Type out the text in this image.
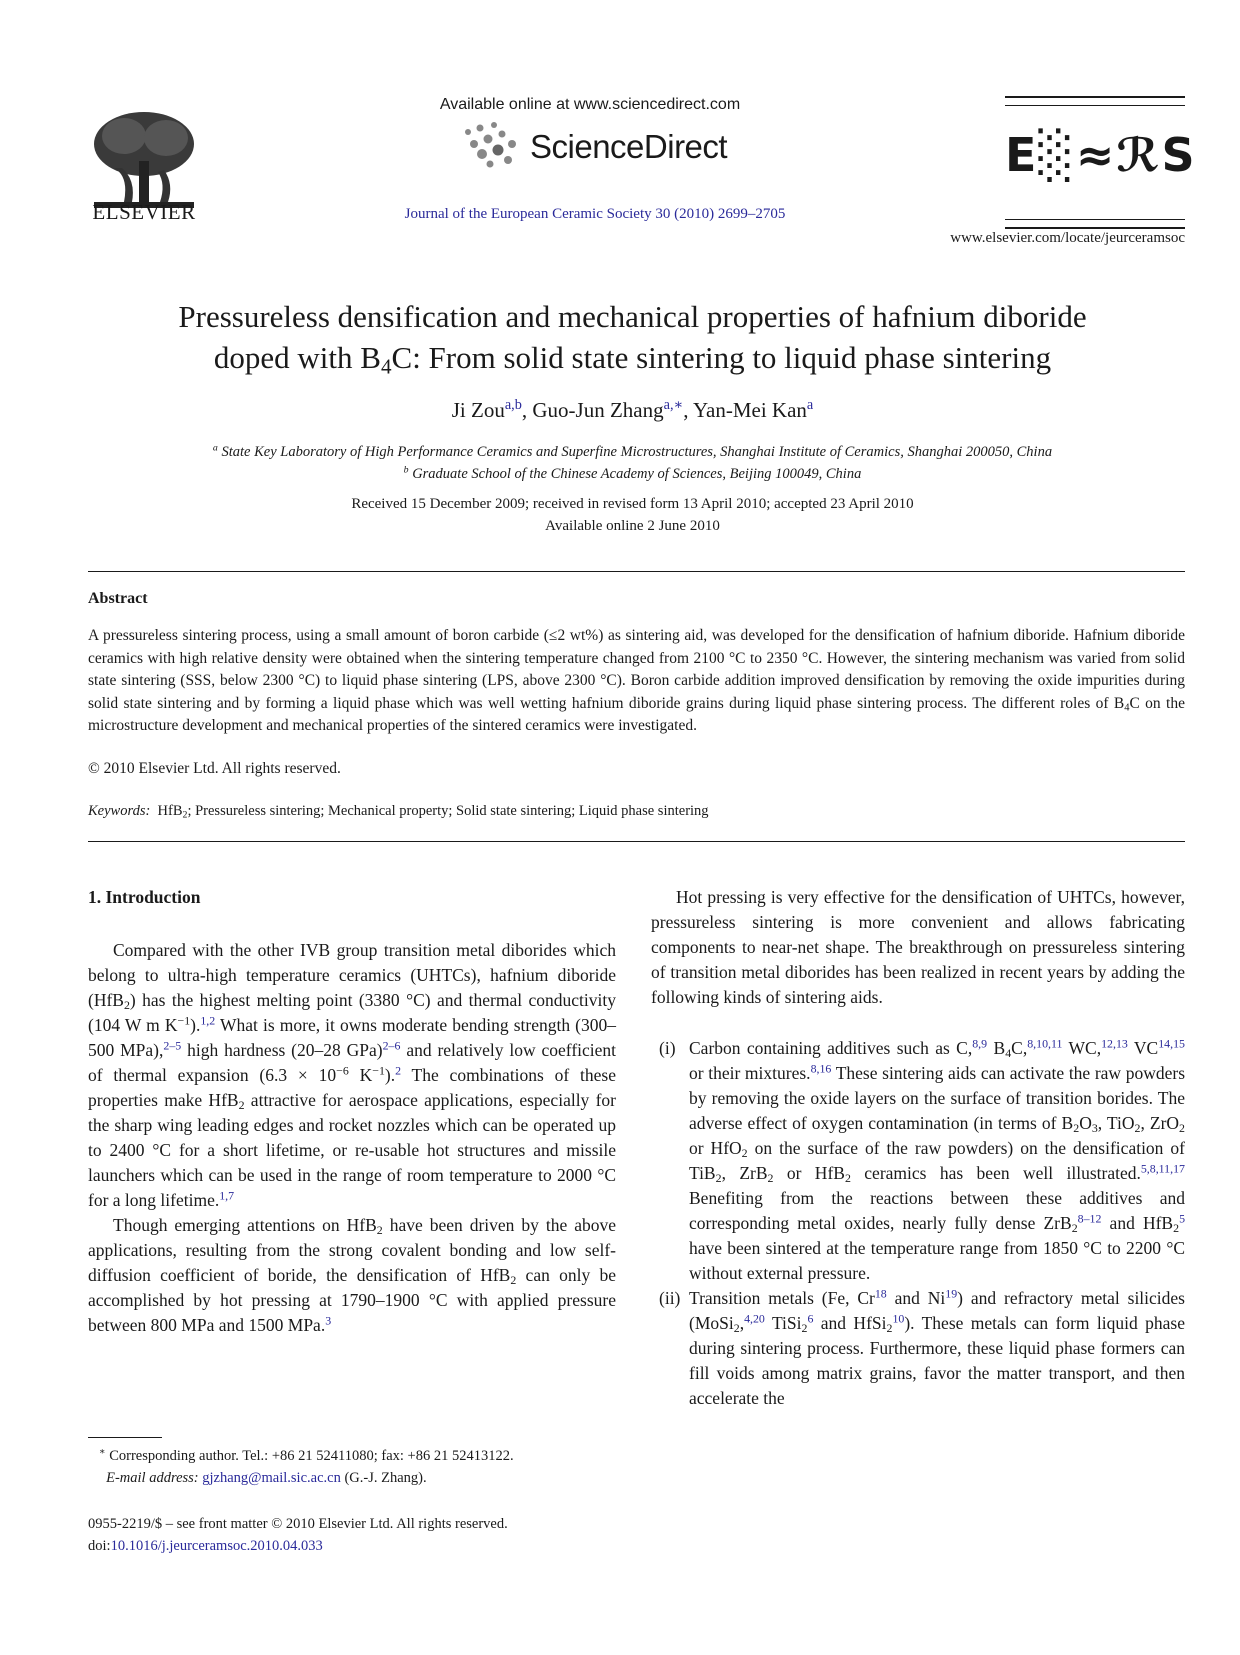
ELSEVIER
Available online at www.sciencedirect.com
ScienceDirect
Journal of the European Ceramic Society 30 (2010) 2699–2705
E░≈ℛS
www.elsevier.com/locate/jeurceramsoc
Pressureless densification and mechanical properties of hafnium diboride
doped with $B_4C$: From solid state sintering to liquid phase sintering
Ji Zou$^{a,b}$, Guo-Jun Zhang$^{a,∗}$, Yan-Mei Kan$^a$
$^a$ State Key Laboratory of High Performance Ceramics and Superfine Microstructures, Shanghai Institute of Ceramics, Shanghai 200050, China
$^b$ Graduate School of the Chinese Academy of Sciences, Beijing 100049, China
Received 15 December 2009; received in revised form 13 April 2010; accepted 23 April 2010
Available online 2 June 2010
Abstract
A pressureless sintering process, using a small amount of boron carbide (≤2 wt%) as sintering aid, was developed for the densification of hafnium diboride. Hafnium diboride ceramics with high relative density were obtained when the sintering temperature changed from 2100 °C to 2350 °C. However, the sintering mechanism was varied from solid state sintering (SSS, below 2300 °C) to liquid phase sintering (LPS, above 2300 °C). Boron carbide addition improved densification by removing the oxide impurities during solid state sintering and by forming a liquid phase which was well wetting hafnium diboride grains during liquid phase sintering process. The different roles of $B_4C$ on the microstructure development and mechanical properties of the sintered ceramics were investigated.
© 2010 Elsevier Ltd. All rights reserved.
Keywords: HfB$_2$; Pressureless sintering; Mechanical property; Solid state sintering; Liquid phase sintering
1. Introduction

Compared with the other IVB group transition metal diborides which belong to ultra-high temperature ceramics (UHTCs), hafnium diboride (HfB$_2$) has the highest melting point (3380 °C) and thermal conductivity (104 W m $K^{-1}).^{1,2}$ What is more, it owns moderate bending strength (300–500 MPa),$^{2-5}$ high hardness (20–28 GPa)$^{2-6}$ and relatively low coefficient of thermal expansion ($6.3 \times 10^{-6}$ $K^{-1}).^2$ The combinations of these properties make HfB$_2$ attractive for aerospace applications, especially for the sharp wing leading edges and rocket nozzles which can be operated up to 2400 °C for a short lifetime, or re-usable hot structures and missile launchers which can be used in the range of room temperature to 2000 °C for a long lifetime.$^{1,7}$

Though emerging attentions on HfB$_2$ have been driven by the above applications, resulting from the strong covalent bonding and low self-diffusion coefficient of boride, the densification of HfB$_2$ can only be accomplished by hot pressing at 1790–1900 °C with applied pressure between 800 MPa and 1500 MPa.$^3$

Hot pressing is very effective for the densification of UHTCs, however, pressureless sintering is more convenient and allows fabricating components to near-net shape. The breakthrough on pressureless sintering of transition metal diborides has been realized in recent years by adding the following kinds of sintering aids.

(i) Carbon containing additives such as C,$^{8,9}$ $B_4C,^{8,10,11}$ WC,$^{12,13}$ VC$^{14,15}$ or their mixtures.$^{8,16}$ These sintering aids can activate the raw powders by removing the oxide layers on the surface of transition borides. The adverse effect of oxygen contamination (in terms of $B_2O_3$, TiO$_2$, ZrO$_2$ or HfO$_2$ on the surface of the raw powders) on the densification of TiB$_2$, ZrB$_2$ or HfB$_2$ ceramics has been well illustrated.$^{5,8,11,17}$ Benefiting from the reactions between these additives and corresponding metal oxides, nearly fully dense ZrB$_2^{8-12}$ and HfB$_2^5$ have been sintered at the temperature range from 1850 °C to 2200 °C without external pressure.
(ii) Transition metals (Fe, Cr$^{18}$ and Ni$^{19}$) and refractory metal silicides (MoSi$_2$,$^{4,20}$ TiSi$_2^6$ and HfSi$_2^{10}$). These metals can form liquid phase during sintering process. Furthermore, these liquid phase formers can fill voids among matrix grains, favor the matter transport, and then accelerate the
∗ Corresponding author. Tel.: +86 21 52411080; fax: +86 21 52413122.
E-mail address: gjzhang@mail.sic.ac.cn (G.-J. Zhang).
0955-2219/$ – see front matter © 2010 Elsevier Ltd. All rights reserved.
doi:10.1016/j.jeurceramsoc.2010.04.033
